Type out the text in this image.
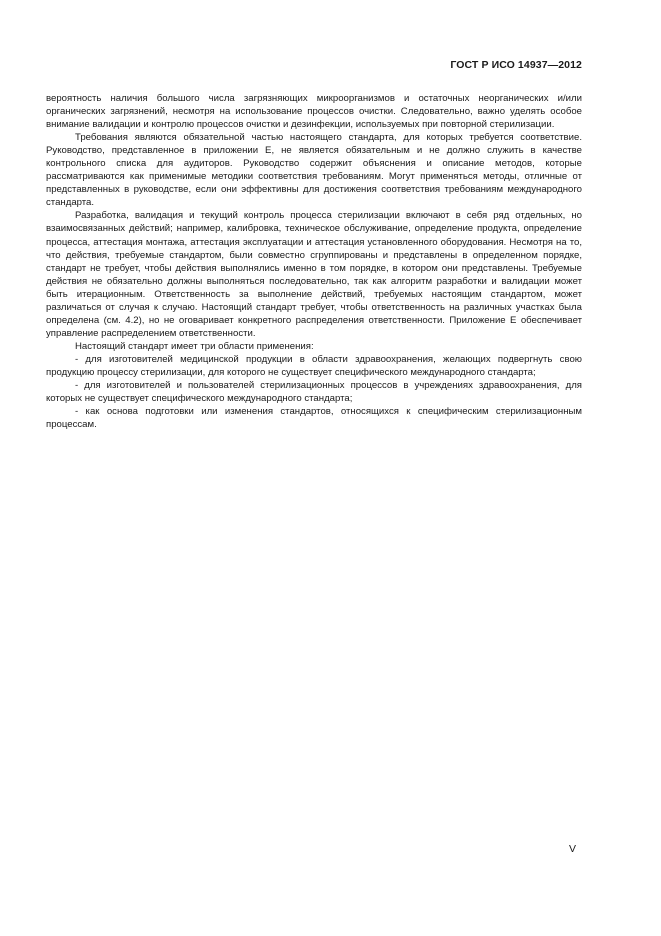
ГОСТ Р ИСО 14937—2012

вероятность наличия большого числа загрязняющих микроорганизмов и остаточных неорганических и/или органических загрязнений, несмотря на использование процессов очистки. Следовательно, важно уделять особое внимание валидации и контролю процессов очистки и дезинфекции, используемых при повторной стерилизации.

Требования являются обязательной частью настоящего стандарта, для которых требуется соответствие. Руководство, представленное в приложении Е, не является обязательным и не должно служить в качестве контрольного списка для аудиторов. Руководство содержит объяснения и описание методов, которые рассматриваются как применимые методики соответствия требованиям. Могут применяться методы, отличные от представленных в руководстве, если они эффективны для достижения соответствия требованиям международного стандарта.

Разработка, валидация и текущий контроль процесса стерилизации включают в себя ряд отдельных, но взаимосвязанных действий; например, калибровка, техническое обслуживание, определение продукта, определение процесса, аттестация монтажа, аттестация эксплуатации и аттестация установленного оборудования. Несмотря на то, что действия, требуемые стандартом, были совместно сгруппированы и представлены в определенном порядке, стандарт не требует, чтобы действия выполнялись именно в том порядке, в котором они представлены. Требуемые действия не обязательно должны выполняться последовательно, так как алгоритм разработки и валидации может быть итерационным. Ответственность за выполнение действий, требуемых настоящим стандартом, может различаться от случая к случаю. Настоящий стандарт требует, чтобы ответственность на различных участках была определена (см. 4.2), но не оговаривает конкретного распределения ответственности. Приложение Е обеспечивает управление распределением ответственности.

Настоящий стандарт имеет три области применения:

- для изготовителей медицинской продукции в области здравоохранения, желающих подвергнуть свою продукцию процессу стерилизации, для которого не существует специфического международного стандарта;

- для изготовителей и пользователей стерилизационных процессов в учреждениях здравоохранения, для которых не существует специфического международного стандарта;

- как основа подготовки или изменения стандартов, относящихся к специфическим стерилизационным процессам.

V
